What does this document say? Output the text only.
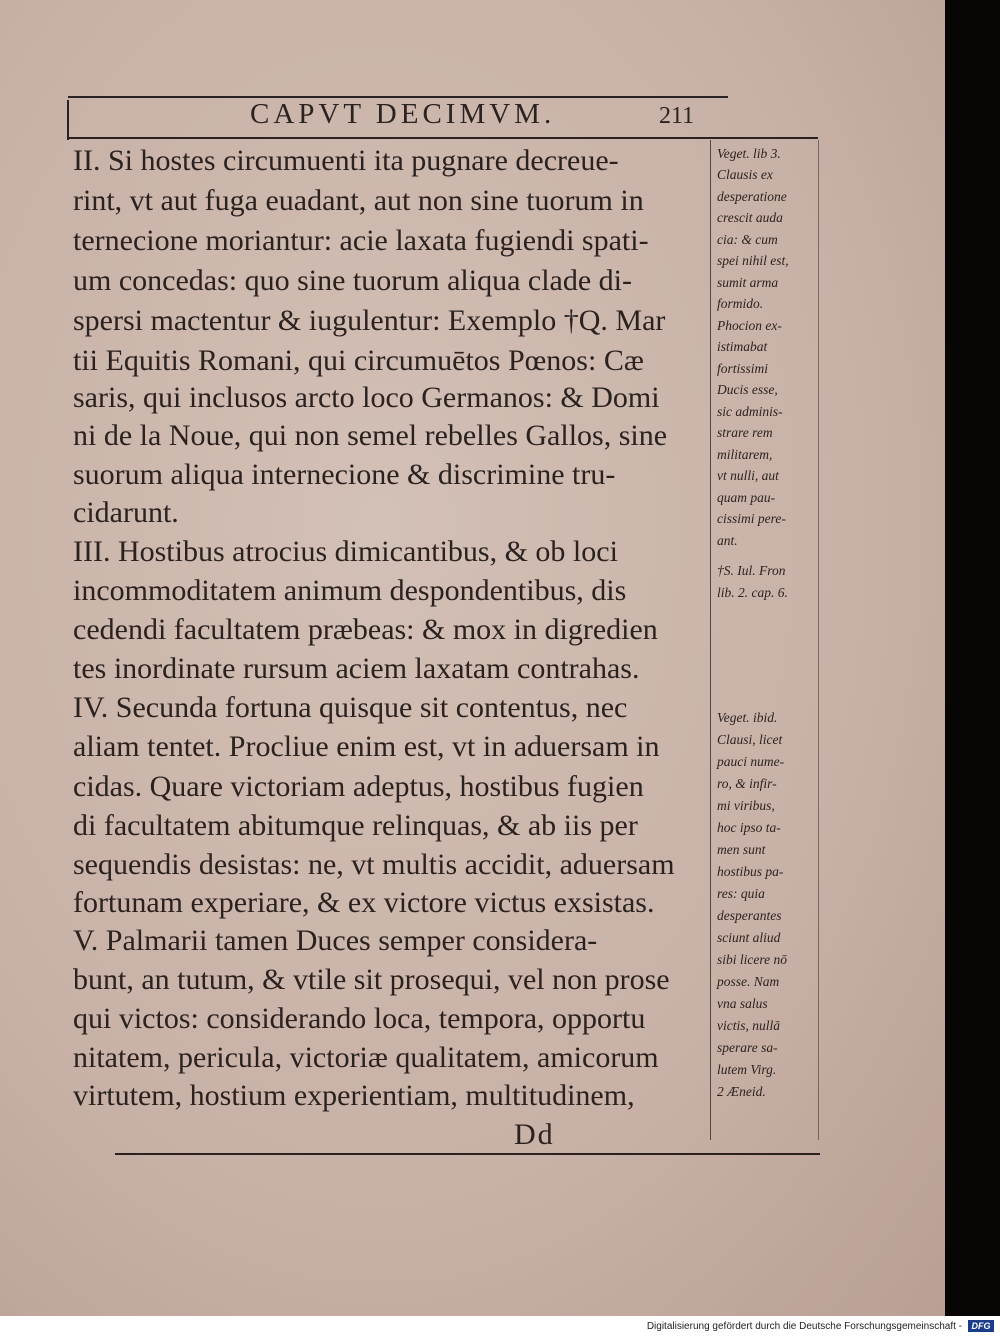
CAPVT DECIMVM.	211
II. Si hostes circumuenti ita pugnare decreue-
rint, vt aut fuga euadant, aut non sine tuorum in
ternecione moriantur: acie laxata fugiendi spati-
um concedas: quo sine tuorum aliqua clade di-
spersi mactentur & iugulentur: Exemplo †Q. Mar
tii Equitis Romani, qui circumuētos Pœnos: Cæ
saris, qui inclusos arcto loco Germanos: & Domi
ni de la Noue, qui non semel rebelles Gallos, sine
suorum aliqua internecione & discrimine tru-
cidarunt.
III. Hostibus atrocius dimicantibus, & ob loci
incommoditatem animum despondentibus, dis
cedendi facultatem præbeas: & mox in digredien
tes inordinate rursum aciem laxatam contrahas.
IV. Secunda fortuna quisque sit contentus, nec
aliam tentet. Procliue enim est, vt in aduersam in
cidas. Quare victoriam adeptus, hostibus fugien
di facultatem abitumque relinquas, & ab iis per
sequendis desistas: ne, vt multis accidit, aduersam
fortunam experiare, & ex victore victus exsistas.
V. Palmarii tamen Duces semper considera-
bunt, an tutum, & vtile sit prosequi, vel non prose
qui victos: considerando loca, tempora, opportu
nitatem, pericula, victoriæ qualitatem, amicorum
virtutem, hostium experientiam, multitudinem,
Veget. lib 3.
Clausis ex
desperatione
crescit auda
cia: & cum
spei nihil est,
sumit arma
formido.
Phocion ex-
istimabat
fortissimi
Ducis esse,
sic adminis-
strare rem
militarem,
vt nulli, aut
quam pau-
cissimi pere-
ant.
†S. Iul. Fron
lib. 2. cap. 6.
Veget. ibid.
Clausi, licet
pauci nume-
ro, & infir-
mi viribus,
hoc ipso ta-
men sunt
hostibus pa-
res: quia
desperantes
sciunt aliud
sibi licere nō
posse. Nam
vna salus
victis, nullā
sperare sa-
lutem Virg.
2 Æneid.
Dd
Digitalisierung gefördert durch die Deutsche Forschungsgemeinschaft -	DFG
